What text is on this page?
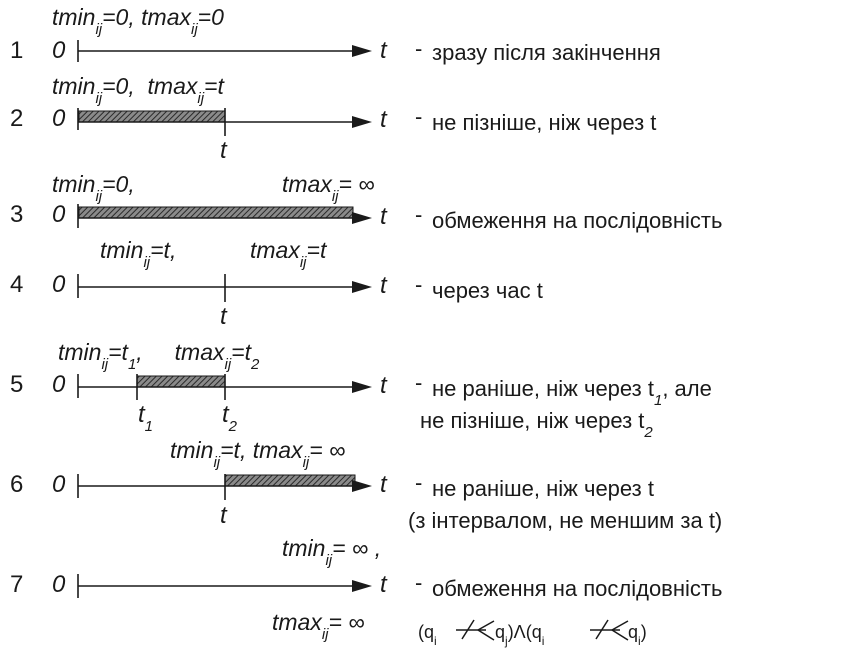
tmin$_{ij}$=0, tmax$_{ij}$=0
1 0	t - зразу після закінчення
tmin$_{ij}$=0,  tmax$_{ij}$=t
2 0
t
t - не пізніше, ніж через t
tmin$_{ij}$=0,	tmax$_{ij}$= ∞
3 0	t - обмеження на послідовність
tmin$_{ij}$=t,	tmax$_{ij}$=t
4 0
t
t - через час t
$tmin_{ij}=t_1$,     $tmax_{ij}=t_2$
5 0
$t_1$	$t_2$
t - не раніше, ніж через $t_1$, але
не пізніше, ніж через $t_2$
tmin$_{ij}$=t, tmax$_{ij}$= ∞
6 0
t
t - не раніше, ніж через t
(з інтервалом, не меншим за t)
tmin$_{ij}$= ∞ ,
7 0	t - обмеження на послідовність
tmax$_{ij}$= ∞	($q_i$	$q_j)\Lambda(q_i$	$q_i$)
